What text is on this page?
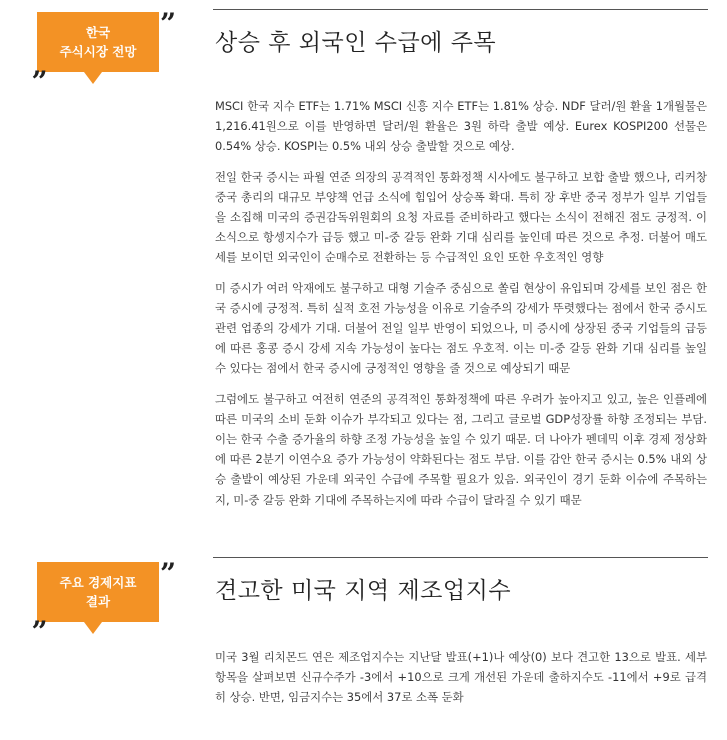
한국
주식시장 전망
„
”
상승 후 외국인 수급에 주목

MSCI 한국 지수 ETF는 1.71% MSCI 신흥 지수 ETF는 1.81% 상승. NDF 달러/원 환율 1개월물은 1,216.41원으로 이를 반영하면 달러/원 환율은 3원 하락 출발 예상. Eurex KOSPI200 선물은 0.54% 상승. KOSPI는 0.5% 내외 상승 출발할 것으로 예상.

전일 한국 증시는 파월 연준 의장의 공격적인 통화정책 시사에도 불구하고 보합 출발 했으나, 리커창 중국 총리의 대규모 부양책 언급 소식에 힘입어 상승폭 확대. 특히 장 후반 중국 정부가 일부 기업들을 소집해 미국의 증권감독위원회의 요청 자료를 준비하라고 했다는 소식이 전해진 점도 긍정적. 이 소식으로 항셍지수가 급등 했고 미-중 갈등 완화 기대 심리를 높인데 따른 것으로 추정. 더불어 매도세를 보이던 외국인이 순매수로 전환하는 등 수급적인 요인 또한 우호적인 영향

미 증시가 여러 악재에도 불구하고 대형 기술주 중심으로 쏠림 현상이 유입되며 강세를 보인 점은 한국 증시에 긍정적. 특히 실적 호전 가능성을 이유로 기술주의 강세가 뚜렷했다는 점에서 한국 증시도 관련 업종의 강세가 기대. 더불어 전일 일부 반영이 되었으나, 미 증시에 상장된 중국 기업들의 급등에 따른 홍콩 증시 강세 지속 가능성이 높다는 점도 우호적. 이는 미-중 갈등 완화 기대 심리를 높일 수 있다는 점에서 한국 증시에 긍정적인 영향을 줄 것으로 예상되기 때문

그럼에도 불구하고 여전히 연준의 공격적인 통화정책에 따른 우려가 높아지고 있고, 높은 인플레에 따른 미국의 소비 둔화 이슈가 부각되고 있다는 점, 그리고 글로벌 GDP성장률 하향 조정되는 부담. 이는 한국 수출 증가율의 하향 조정 가능성을 높일 수 있기 때문. 더 나아가 펜데믹 이후 경제 정상화에 따른 2분기 이연수요 증가 가능성이 약화된다는 점도 부담. 이를 감안 한국 증시는 0.5% 내외 상승 출발이 예상된 가운데 외국인 수급에 주목할 필요가 있음. 외국인이 경기 둔화 이슈에 주목하는지, 미-중 갈등 완화 기대에 주목하는지에 따라 수급이 달라질 수 있기 때문

주요 경제지표
결과
„
”
견고한 미국 지역 제조업지수

미국 3월 리치몬드 연은 제조업지수는 지난달 발표(+1)나 예상(0) 보다 견고한 13으로 발표. 세부 항목을 살펴보면 신규수주가 -3에서 +10으로 크게 개선된 가운데 출하지수도 -11에서 +9로 급격히 상승. 반면, 임금지수는 35에서 37로 소폭 둔화
